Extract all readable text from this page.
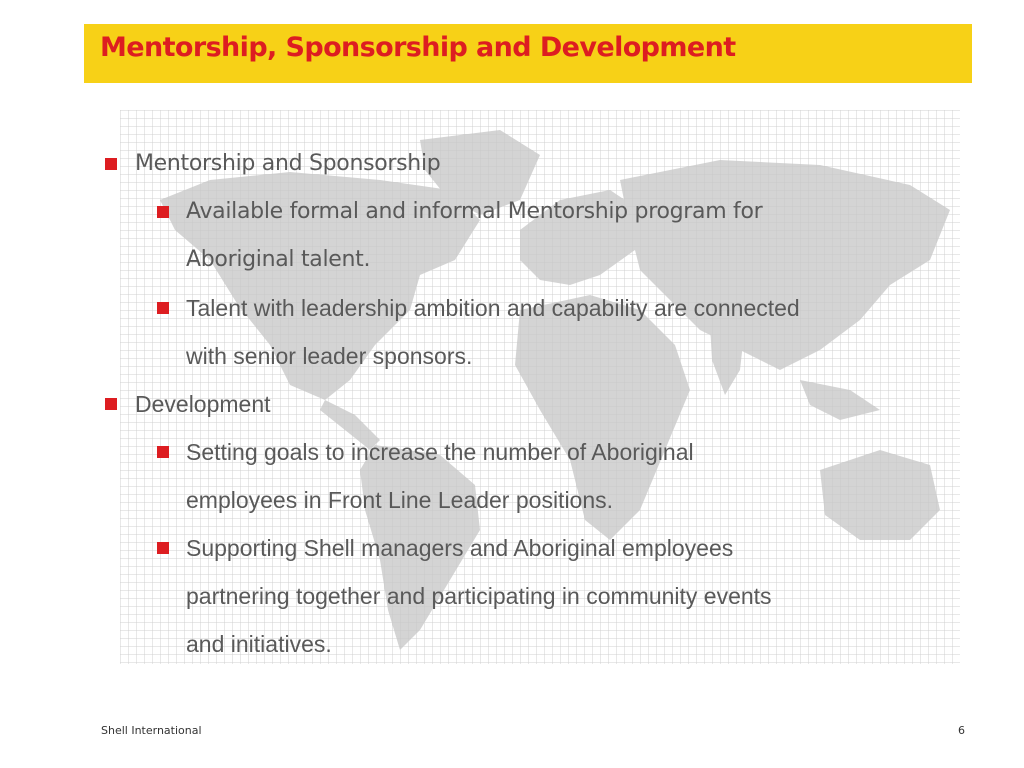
Mentorship, Sponsorship and Development
Mentorship and Sponsorship
Available formal and informal Mentorship program for
Aboriginal talent.
Talent with leadership ambition and capability are connected
with senior leader sponsors.
Development
Setting goals to increase the number of Aboriginal
employees in Front Line Leader positions.
Supporting Shell managers and Aboriginal employees
partnering together and participating in community events
and initiatives.
Shell International	6
